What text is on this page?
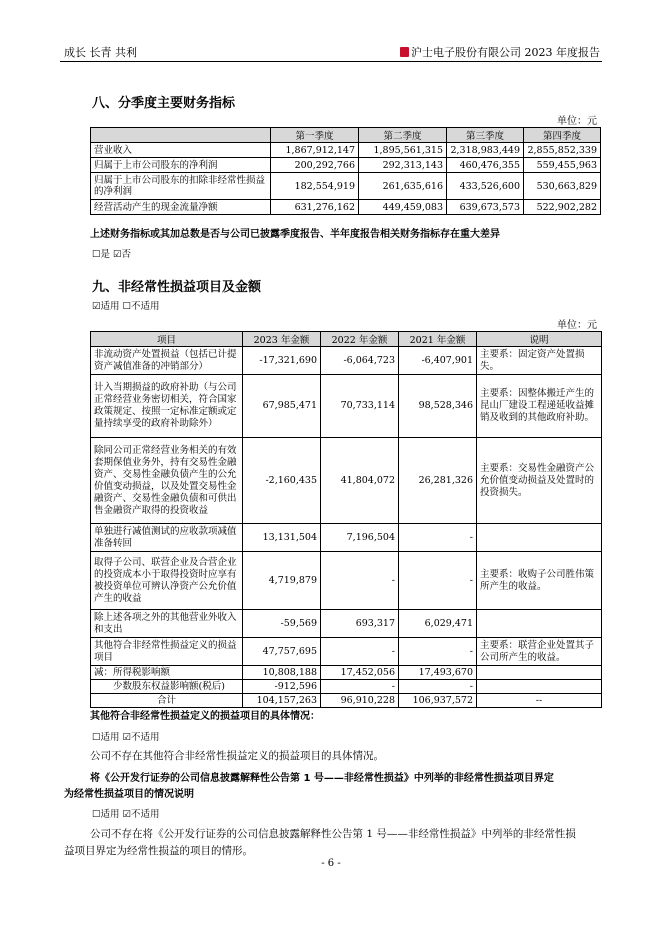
成长 长青 共利	沪士电子股份有限公司 2023 年度报告
八、分季度主要财务指标
单位：元
	第一季度	第二季度	第三季度	第四季度
营业收入	1,867,912,147	1,895,561,315	2,318,983,449	2,855,852,339
归属于上市公司股东的净利润	200,292,766	292,313,143	460,476,355	559,455,963
归属于上市公司股东的扣除非经常性损益的净利润	182,554,919	261,635,616	433,526,600	530,663,829
经营活动产生的现金流量净额	631,276,162	449,459,083	639,673,573	522,902,282
上述财务指标或其加总数是否与公司已披露季度报告、半年度报告相关财务指标存在重大差异
☐是 ☑否
九、非经常性损益项目及金额
☑适用 ☐不适用
单位：元
项目	2023 年金额	2022 年金额	2021 年金额	说明
非流动资产处置损益（包括已计提资产减值准备的冲销部分）	-17,321,690	-6,064,723	-6,407,901	主要系：固定资产处置损失。
计入当期损益的政府补助（与公司正常经营业务密切相关，符合国家政策规定、按照一定标准定额或定量持续享受的政府补助除外）	67,985,471	70,733,114	98,528,346	主要系：因整体搬迁产生的昆山厂建设工程递延收益摊销及收到的其他政府补助。
除同公司正常经营业务相关的有效套期保值业务外，持有交易性金融资产、交易性金融负债产生的公允价值变动损益，以及处置交易性金融资产、交易性金融负债和可供出售金融资产取得的投资收益	-2,160,435	41,804,072	26,281,326	主要系：交易性金融资产公允价值变动损益及处置时的投资损失。
单独进行减值测试的应收款项减值准备转回	13,131,504	7,196,504	-	
取得子公司、联营企业及合营企业的投资成本小于取得投资时应享有被投资单位可辨认净资产公允价值产生的收益	4,719,879	-	-	主要系：收购子公司胜伟策所产生的收益。
除上述各项之外的其他营业外收入和支出	-59,569	693,317	6,029,471	
其他符合非经常性损益定义的损益项目	47,757,695	-	-	主要系：联营企业处置其子公司所产生的收益。
减：所得税影响额	10,808,188	17,452,056	17,493,670	
少数股东权益影响额(税后)	-912,596	-	-	
合计	104,157,263	96,910,228	106,937,572	--
其他符合非经常性损益定义的损益项目的具体情况：
☐适用 ☑不适用
公司不存在其他符合非经常性损益定义的损益项目的具体情况。
将《公开发行证券的公司信息披露解释性公告第 1 号——非经常性损益》中列举的非经常性损益项目界定
为经常性损益项目的情况说明
☐适用 ☑不适用
公司不存在将《公开发行证券的公司信息披露解释性公告第 1 号——非经常性损益》中列举的非经常性损
益项目界定为经常性损益的项目的情形。
- 6 -
